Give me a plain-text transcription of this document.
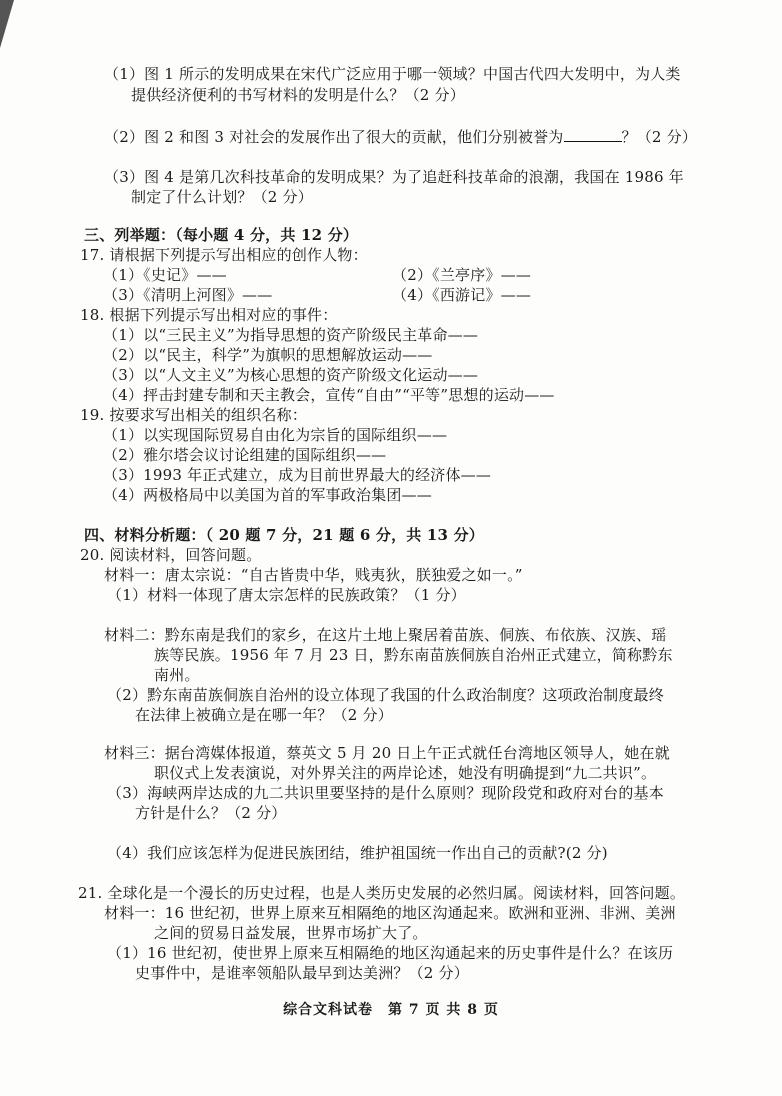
（1）图 1 所示的发明成果在宋代广泛应用于哪一领域？中国古代四大发明中，为人类
提供经济便利的书写材料的发明是什么？（2 分）
（2）图 2 和图 3 对社会的发展作出了很大的贡献，他们分别被誉为	？（2 分）
（3）图 4 是第几次科技革命的发明成果？为了追赶科技革命的浪潮，我国在 1986 年
制定了什么计划？（2 分）
三、列举题：（每小题 4 分，共 12 分）
17. 请根据下列提示写出相应的创作人物：
（1）《史记》——	（2）《兰亭序》——
（3）《清明上河图》——	（4）《西游记》——
18. 根据下列提示写出相对应的事件：
（1）以“三民主义”为指导思想的资产阶级民主革命——
（2）以“民主，科学”为旗帜的思想解放运动——
（3）以“人文主义”为核心思想的资产阶级文化运动——
（4）抨击封建专制和天主教会，宣传“自由”“平等”思想的运动——
19. 按要求写出相关的组织名称：
（1）以实现国际贸易自由化为宗旨的国际组织——
（2）雅尔塔会议讨论组建的国际组织——
（3）1993 年正式建立，成为目前世界最大的经济体——
（4）两极格局中以美国为首的军事政治集团——
四、材料分析题：（ 20 题 7 分，21 题 6 分，共 13 分）
20. 阅读材料，回答问题。
材料一：唐太宗说：“自古皆贵中华，贱夷狄，朕独爱之如一。”
（1）材料一体现了唐太宗怎样的民族政策？（1 分）
材料二：黔东南是我们的家乡，在这片土地上聚居着苗族、侗族、布依族、汉族、瑶
族等民族。1956 年 7 月 23 日，黔东南苗族侗族自治州正式建立，简称黔东
南州。
（2）黔东南苗族侗族自治州的设立体现了我国的什么政治制度？这项政治制度最终
在法律上被确立是在哪一年？（2 分）
材料三：据台湾媒体报道，蔡英文 5 月 20 日上午正式就任台湾地区领导人，她在就
职仪式上发表演说，对外界关注的两岸论述，她没有明确提到“九二共识”。
（3）海峡两岸达成的九二共识里要坚持的是什么原则？现阶段党和政府对台的基本
方针是什么？（2 分）
（4）我们应该怎样为促进民族团结，维护祖国统一作出自己的贡献?(2 分)
21. 全球化是一个漫长的历史过程，也是人类历史发展的必然归属。阅读材料，回答问题。
材料一：16 世纪初，世界上原来互相隔绝的地区沟通起来。欧洲和亚洲、非洲、美洲
之间的贸易日益发展，世界市场扩大了。
（1）16 世纪初，使世界上原来互相隔绝的地区沟通起来的历史事件是什么？在该历
史事件中，是谁率领船队最早到达美洲？（2 分）
综合文科试卷　第 7 页 共 8 页
